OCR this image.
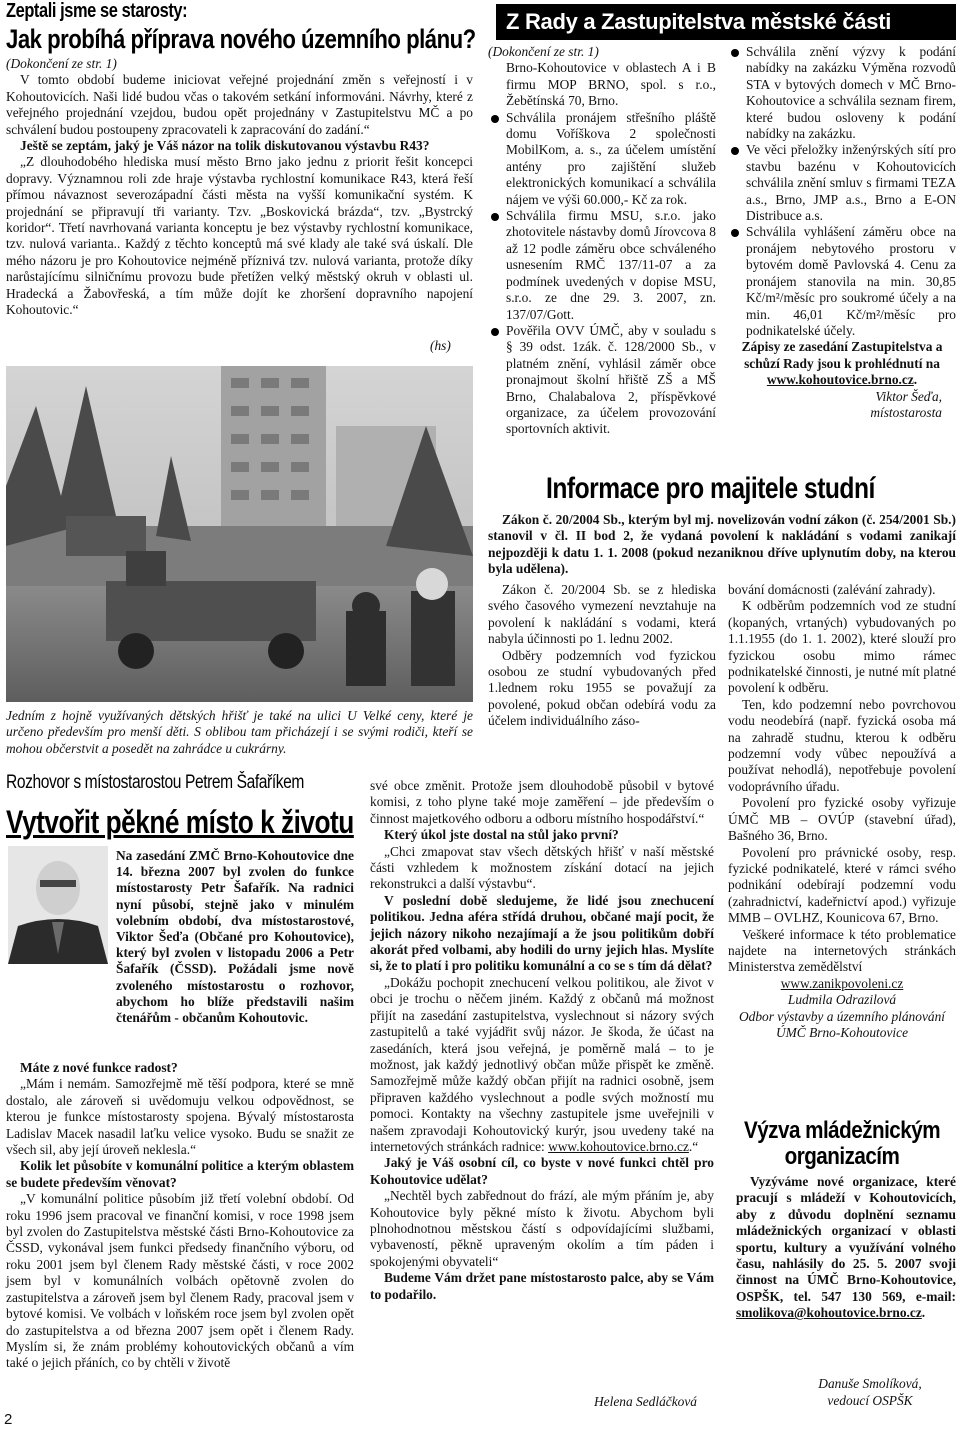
Zeptali jsme se starosty:
Jak probíhá příprava nového územního plánu?
(Dokončení ze str. 1)
V tomto období budeme iniciovat veřejné projednání změn s veřejností i v Kohoutovicích. Naši lidé budou včas o takovém setkání informováni. Návrhy, které z veřejného projednání vzejdou, budou opět projednány v Zastupitelstvu MČ a po schválení budou postoupeny zpracovateli k zapracování do zadání.“
Ještě se zeptám, jaký je Váš názor na tolik diskutovanou výstavbu R43?
„Z dlouhodobého hlediska musí město Brno jako jednu z priorit řešit koncepci dopravy. Významnou roli zde hraje výstavba rychlostní komunikace R43, která řeší přímou návaznost severozápadní části města na vyšší komunikační systém. K projednání se připravují tři varianty. Tzv. „Boskovická brázda“, tzv. „Bystrcký koridor“. Třetí navrhovaná varianta konceptu je bez výstavby rychlostní komunikace, tzv. nulová varianta.. Každý z těchto konceptů má své klady ale také svá úskalí. Dle mého názoru je pro Kohoutovice nejméně příznivá tzv. nulová varianta, protože díky narůstajícímu silničnímu provozu bude přetížen velký městský okruh v oblasti ul. Hradecká a Žabovřeská, a tím může dojít ke zhoršení dopravního napojení Kohoutovic.“
(hs)
Jedním z hojně využívaných dětských hřišť je také na ulici U Velké ceny, které je určeno především pro menší děti. S oblibou tam přicházejí i se svými rodiči, kteří se mohou občerstvit a posedět na zahrádce u cukrárny.
Rozhovor s místostarostou Petrem Šafaříkem
Vytvořit pěkné místo k životu
Na zasedání ZMČ Brno-Kohoutovice dne 14. března 2007 byl zvolen do funkce místostarosty Petr Šafařík. Na radnici nyní působí, stejně jako v minulém volebním období, dva místostarostové, Viktor Šeďa (Občané pro Kohoutovice), který byl zvolen v listopadu 2006 a Petr Šafařík (ČSSD). Požádali jsme nově zvoleného místostarostu o rozhovor, abychom ho blíže představili našim čtenářům - občanům Kohoutovic.
Máte z nové funkce radost?
„Mám i nemám. Samozřejmě mě těší podpora, které se mně dostalo, ale zároveň si uvědomuju velkou odpovědnost, se kterou je funkce místostarosty spojena. Bývalý místostarosta Ladislav Macek nasadil laťku velice vysoko. Budu se snažit ze všech sil, aby její úroveň neklesla.“
Kolik let působíte v komunální politice a kterým oblastem se budete především věnovat?
„V komunální politice působím již třetí volební období. Od roku 1996 jsem pracoval ve finanční komisi, v roce 1998 jsem byl zvolen do Zastupitelstva městské části Brno-Kohoutovice za ČSSD, vykonával jsem funkci předsedy finančního výboru, od roku 2001 jsem byl členem Rady městské části, v roce 2002 jsem byl v komunálních volbách opětovně zvolen do zastupitelstva a zároveň jsem byl členem Rady, pracoval jsem v bytové komisi. Ve volbách v loňském roce jsem byl zvolen opět do zastupitelstva a od března 2007 jsem opět i členem Rady. Myslím si, že znám problémy kohoutovických občanů a vím také o jejich přáních, co by chtěli v životě
své obce změnit. Protože jsem dlouhodobě působil v bytové komisi, z toho plyne také moje zaměření – jde především o činnost majetkového odboru a odboru místního hospodářství.“
Který úkol jste dostal na stůl jako první?
„Chci zmapovat stav všech dětských hřišť v naší městské části vzhledem k možnostem získání dotací na jejich rekonstrukci a další výstavbu“.
V poslední době sledujeme, že lidé jsou znechucení politikou. Jedna aféra střídá druhou, občané mají pocit, že jejich názory nikoho nezajímají a že jsou politikům dobří akorát před volbami, aby hodili do urny jejich hlas. Myslíte si, že to platí i pro politiku komunální a co se s tím dá dělat?
„Dokážu pochopit znechucení velkou politikou, ale život v obci je trochu o něčem jiném. Každý z občanů má možnost přijít na zasedání zastupitelstva, vyslechnout si názory svých zastupitelů a také vyjádřit svůj názor. Je škoda, že účast na zasedáních, která jsou veřejná, je poměrně malá – to je možnost, jak každý jednotlivý občan může přispět ke změně. Samozřejmě může každý občan přijít na radnici osobně, jsem připraven každého vyslechnout a podle svých možností mu pomoci. Kontakty na všechny zastupitele jsme uveřejnili v našem zpravodaji Kohoutovický kurýr, jsou uvedeny také na internetových stránkách radnice: www.kohoutovice.brno.cz.“
Jaký je Váš osobní cíl, co byste v nové funkci chtěl pro Kohoutovice udělat?
„Nechtěl bych zabřednout do frází, ale mým přáním je, aby Kohoutovice byly pěkné místo k životu. Abychom byli plnohodnotnou městskou částí s odpovídajícími službami, vybaveností, pěkně upraveným okolím a tím páden i spokojenými obyvateli“
Budeme Vám držet pane místostarosto palce, aby se Vám to podařilo.
Helena Sedláčková
Z Rady a Zastupitelstva městské části
(Dokončení ze str. 1)
Brno-Kohoutovice v oblastech A i B firmu MOP BRNO, spol. s r.o., Žebětínská 70, Brno.
Schválila pronájem střešního pláště domu Voříškova 2 společnosti MobilKom, a. s., za účelem umístění antény pro zajištění služeb elektronických komunikací a schválila nájem ve výši 60.000,- Kč za rok.
Schválila firmu MSU, s.r.o. jako zhotovitele nástavby domů Jírovcova 8 až 12 podle záměru obce schváleného usnesením RMČ 137/11-07 a za podmínek uvedených v dopise MSU, s.r.o. ze dne 29. 3. 2007, zn. 137/07/Gott.
Pověřila OVV ÚMČ, aby v souladu s § 39 odst. 1zák. č. 128/2000 Sb., v platném znění, vyhlásil záměr obce pronajmout školní hřiště ZŠ a MŠ Brno, Chalabalova 2, příspěvkové organizace, za účelem provozování sportovních aktivit.
Schválila znění výzvy k podání nabídky na zakázku Výměna rozvodů STA v bytových domech v MČ Brno-Kohoutovice a schválila seznam firem, které budou osloveny k podání nabídky na zakázku.
Ve věci přeložky inženýrských sítí pro stavbu bazénu v Kohoutovicích schválila znění smluv s firmami TEZA a.s., Brno, JMP a.s., Brno a E-ON Distribuce a.s.
Schválila vyhlášení záměru obce na pronájem nebytového prostoru v bytovém domě Pavlovská 4. Cenu za pronájem stanovila na min. 30,85 Kč/m²/měsíc pro soukromé účely a na min. 46,01 Kč/m²/měsíc pro podnikatelské účely.
Zápisy ze zasedání Zastupitelstva a schůzí Rady jsou k prohlédnutí na www.kohoutovice.brno.cz.
Viktor Šeďa,
místostarosta
Informace pro majitele studní
Zákon č. 20/2004 Sb., kterým byl mj. novelizován vodní zákon (č. 254/2001 Sb.) stanovil v čl. II bod 2, že vydaná povolení k nakládání s vodami zanikají nejpozději k datu 1. 1. 2008 (pokud nezaniknou dříve uplynutím doby, na kterou byla udělena).
Zákon č. 20/2004 Sb. se z hlediska svého časového vymezení nevztahuje na povolení k nakládání s vodami, která nabyla účinnosti po 1. lednu 2002.
Odběry podzemních vod fyzickou osobou ze studní vybudovaných před 1.lednem roku 1955 se považují za povolené, pokud občan odebírá vodu za účelem individuálního záso-
bování domácnosti (zalévání zahrady).
K odběrům podzemních vod ze studní (kopaných, vrtaných) vybudovaných po 1.1.1955 (do 1. 1. 2002), které slouží pro fyzickou osobu mimo rámec podnikatelské činnosti, je nutné mít platné povolení k odběru.
Ten, kdo podzemní nebo povrchovou vodu neodebírá (např. fyzická osoba má na zahradě studnu, kterou k odběru podzemní vody vůbec nepoužívá a používat nehodlá), nepotřebuje povolení vodoprávního úřadu.
Povolení pro fyzické osoby vyřizuje ÚMČ MB – OVÚP (stavební úřad), Bašného 36, Brno.
Povolení pro právnické osoby, resp. fyzické podnikatelé, které v rámci svého podnikání odebírají podzemní vodu (zahradnictví, kadeřnictví apod.) vyřizuje MMB – OVLHZ, Kounicova 67, Brno.
Veškeré informace k této problematice najdete na internetových stránkách Ministerstva zemědělství
www.zanikpovoleni.cz
Ludmila Odrazilová
Odbor výstavby a územního plánování ÚMČ Brno-Kohoutovice
Výzva mládežnickým
organizacím
Vyzýváme nové organizace, které pracují s mládeží v Kohoutovicích, aby z důvodu doplnění seznamu mládežnických organizací v oblasti sportu, kultury a využívání volného času, nahlásily do 25. 5. 2007 svoji činnost na ÚMČ Brno-Kohoutovice, OSPŠK, tel. 547 130 569, e-mail: smolikova@kohoutovice.brno.cz.
Danuše Smolíková,
vedoucí OSPŠK
2
